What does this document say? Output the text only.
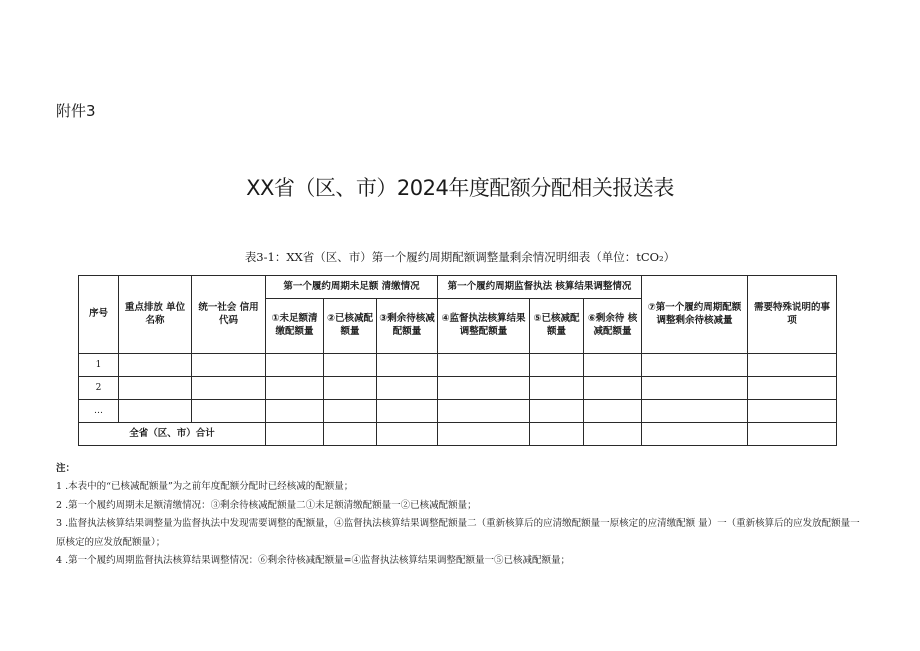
附件3
XX省（区、市）2024年度配额分配相关报送表
表3-1：XX省（区、市）第一个履约周期配额调整量剩余情况明细表（单位：tCO₂）
序号	重点排放 单位名称	统一社会 信用代码	第一个履约周期未足额 清缴情况			第一个履约周期监督执法 核算结果调整情况			⑦第一个履约周期配额调整剩余待核减量	需要特殊说明的事项
			①未足额清缴配额量	②已核减配额量	③剩余待核减配额量	④监督执法核算结果调整配额量	⑤已核减配额量	⑥剩余待 核减配额量		
1										
2										
…										
全省（区、市）合计										
注：
1 .本表中的“已核减配额量”为之前年度配额分配时已经核减的配额量；
2 .第一个履约周期未足额清缴情况：③剩余待核减配额量二①未足额清缴配额量一②已核减配额量；
3 .监督执法核算结果调整量为监督执法中发现需要调整的配额量，④监督执法核算结果调整配额量二（重新核算后的应清缴配额量一原核定的应清缴配额 量）一（重新核算后的应发放配额量一原核定的应发放配额量）；
4 .第一个履约周期监督执法核算结果调整情况：⑥剩余待核减配额量=④监督执法核算结果调整配额量一⑤已核减配额量；
